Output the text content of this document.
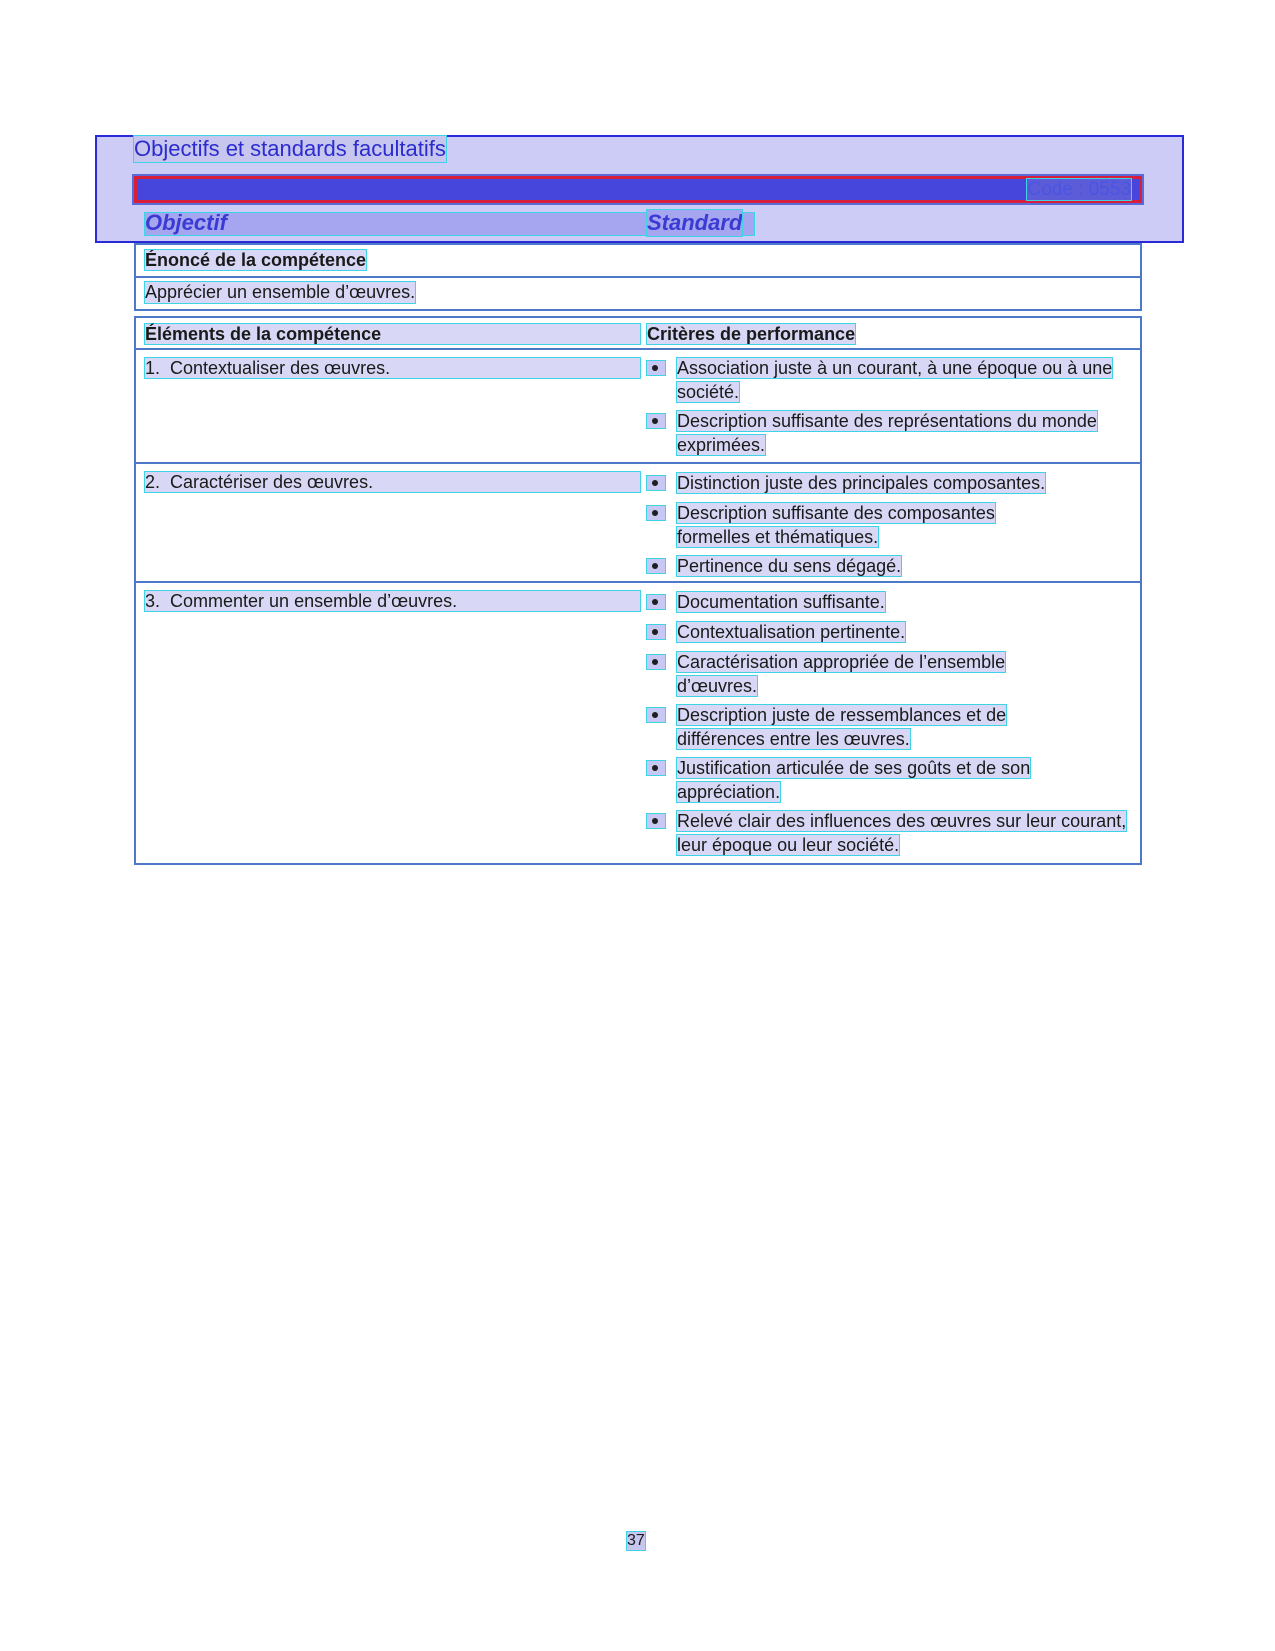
Objectifs et standards facultatifs
Code : 0553
Objectif	Standard
Énoncé de la compétence
Apprécier un ensemble d’œuvres.
Éléments de la compétence	Critères de performance
1.  Contextualiser des œuvres.	Association juste à un courant, à une époque ou à une société.
Description suffisante des représentations du monde exprimées.
2.  Caractériser des œuvres.	Distinction juste des principales composantes.
Description suffisante des composantes formelles et thématiques.
Pertinence du sens dégagé.
3.  Commenter un ensemble d’œuvres.	Documentation suffisante.
Contextualisation pertinente.
Caractérisation appropriée de l’ensemble d’œuvres.
Description juste de ressemblances et de différences entre les œuvres.
Justification articulée de ses goûts et de son appréciation.
Relevé clair des influences des œuvres sur leur courant, leur époque ou leur société.
37
